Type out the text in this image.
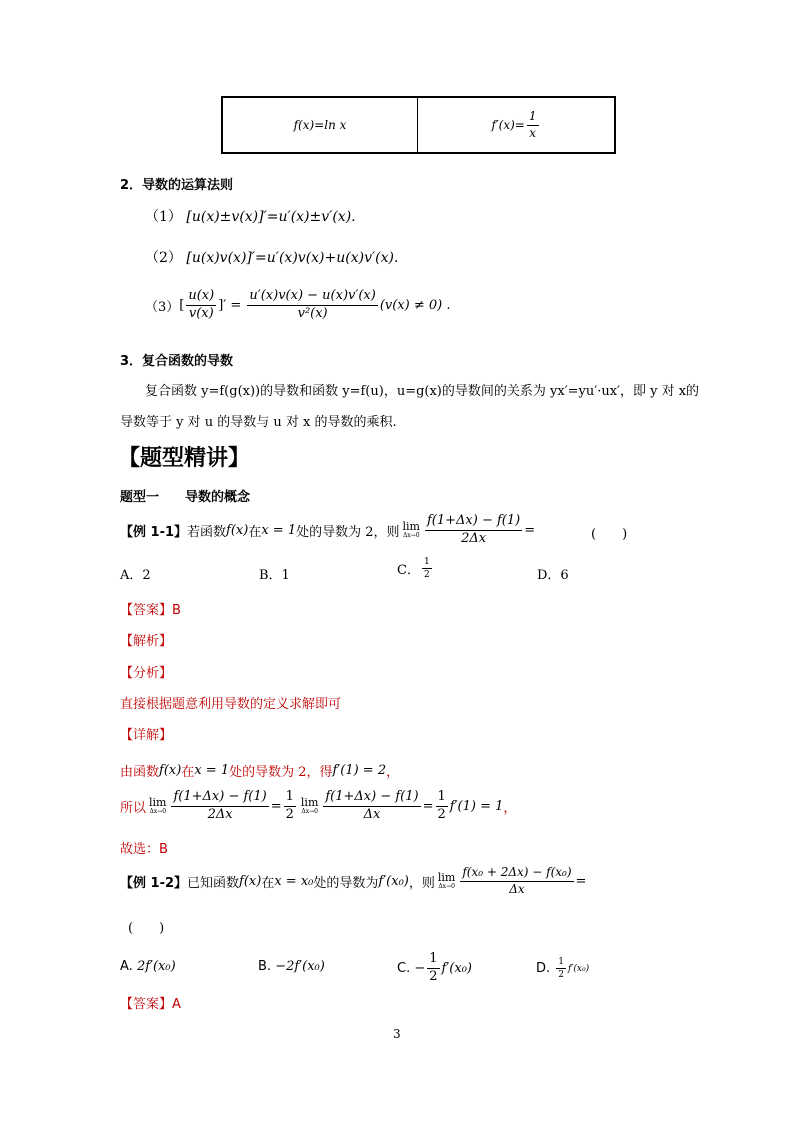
f(x)=ln x	$f'(x)= \frac{1}{x}$
2．导数的运算法则
（1） [u(x)±v(x)]′=u′(x)±v′(x).
（2） [u(x)v(x)]′=u′(x)v(x)+u(x)v′(x).
（3） [ $\frac{u(x)}{v(x)}$ ]′ = $\frac{u'(x)v(x) - u(x)v'(x)}{\text{v²(x)}} (v(x) \ne 0)$ .
3．复合函数的导数
复合函数 y=f(g(x))的导数和函数 y=f(u)，u=g(x)的导数间的关系为 yx′=yu′·ux′，即 y 对 x的
导数等于 y 对 u 的导数与 u 对 x 的导数的乘积.
【题型精讲】
题型一　　导数的概念
【例 1-1】 若函数 f(x) 在 x = 1 处的导数为 2，则 lim
$\Delta x\to 0 \frac{f(1+\Delta x) - f(1)}{2\Delta x}$ =	(　　)
A．2	B．1	C． $\frac{1}{2}$	D．6
【答案】B
【解析】
【分析】
直接根据题意利用导数的定义求解即可
【详解】
由函数 f(x) 在 x = 1 处的导数为 2，得 f′(1) = 2 ，
所以 lim
$\Delta x\to 0 \frac{f(1+\Delta x) - f(1)}{2\Delta x} = \frac{1}{2}$ lim
$\Delta x\to 0 \frac{f(1+\Delta x) - f(1)}{\Delta x} = \frac{1}{2} f'(1) = 1$ ，
故选：B
【例 1-2】 已知函数 f(x) 在 x = x₀ 处的导数为 f′(x₀) ，则 lim
$\Delta x\to 0 \frac{\text{f(x₀ + 2Δx) − f(x₀)}}{\Delta x}$ =
(　　)
A.
2f′(x₀)	B.
−2f′(x₀)	C.
− $\frac{1}{2} f'(x_0)$	D.
$\frac{1}{2} f'(x_0)$
【答案】A
3
